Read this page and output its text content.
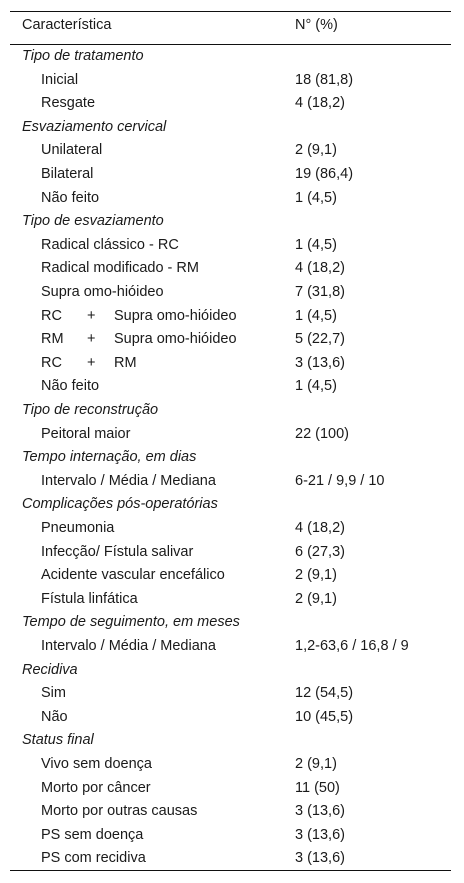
Característica	N° (%)
Tipo de tratamento
Inicial	18 (81,8)
Resgate	4 (18,2)
Esvaziamento cervical
Unilateral	2 (9,1)
Bilateral	19 (86,4)
Não feito	1 (4,5)
Tipo de esvaziamento
Radical clássico - RC	1 (4,5)
Radical modificado - RM	4 (18,2)
Supra omo-hióideo	7 (31,8)
RC + Supra omo-hióideo	1 (4,5)
RM + Supra omo-hióideo	5 (22,7)
RC + RM	3 (13,6)
Não feito	1 (4,5)
Tipo de reconstrução
Peitoral maior	22 (100)
Tempo internação, em dias
Intervalo / Média / Mediana	6-21 / 9,9 / 10
Complicações pós-operatórias
Pneumonia	4 (18,2)
Infecção/ Fístula salivar	6 (27,3)
Acidente vascular encefálico	2 (9,1)
Fístula linfática	2 (9,1)
Tempo de seguimento, em meses
Intervalo / Média / Mediana	1,2-63,6 / 16,8 / 9
Recidiva
Sim	12 (54,5)
Não	10 (45,5)
Status final
Vivo sem doença	2 (9,1)
Morto por câncer	11 (50)
Morto por outras causas	3 (13,6)
PS sem doença	3 (13,6)
PS com recidiva	3 (13,6)
